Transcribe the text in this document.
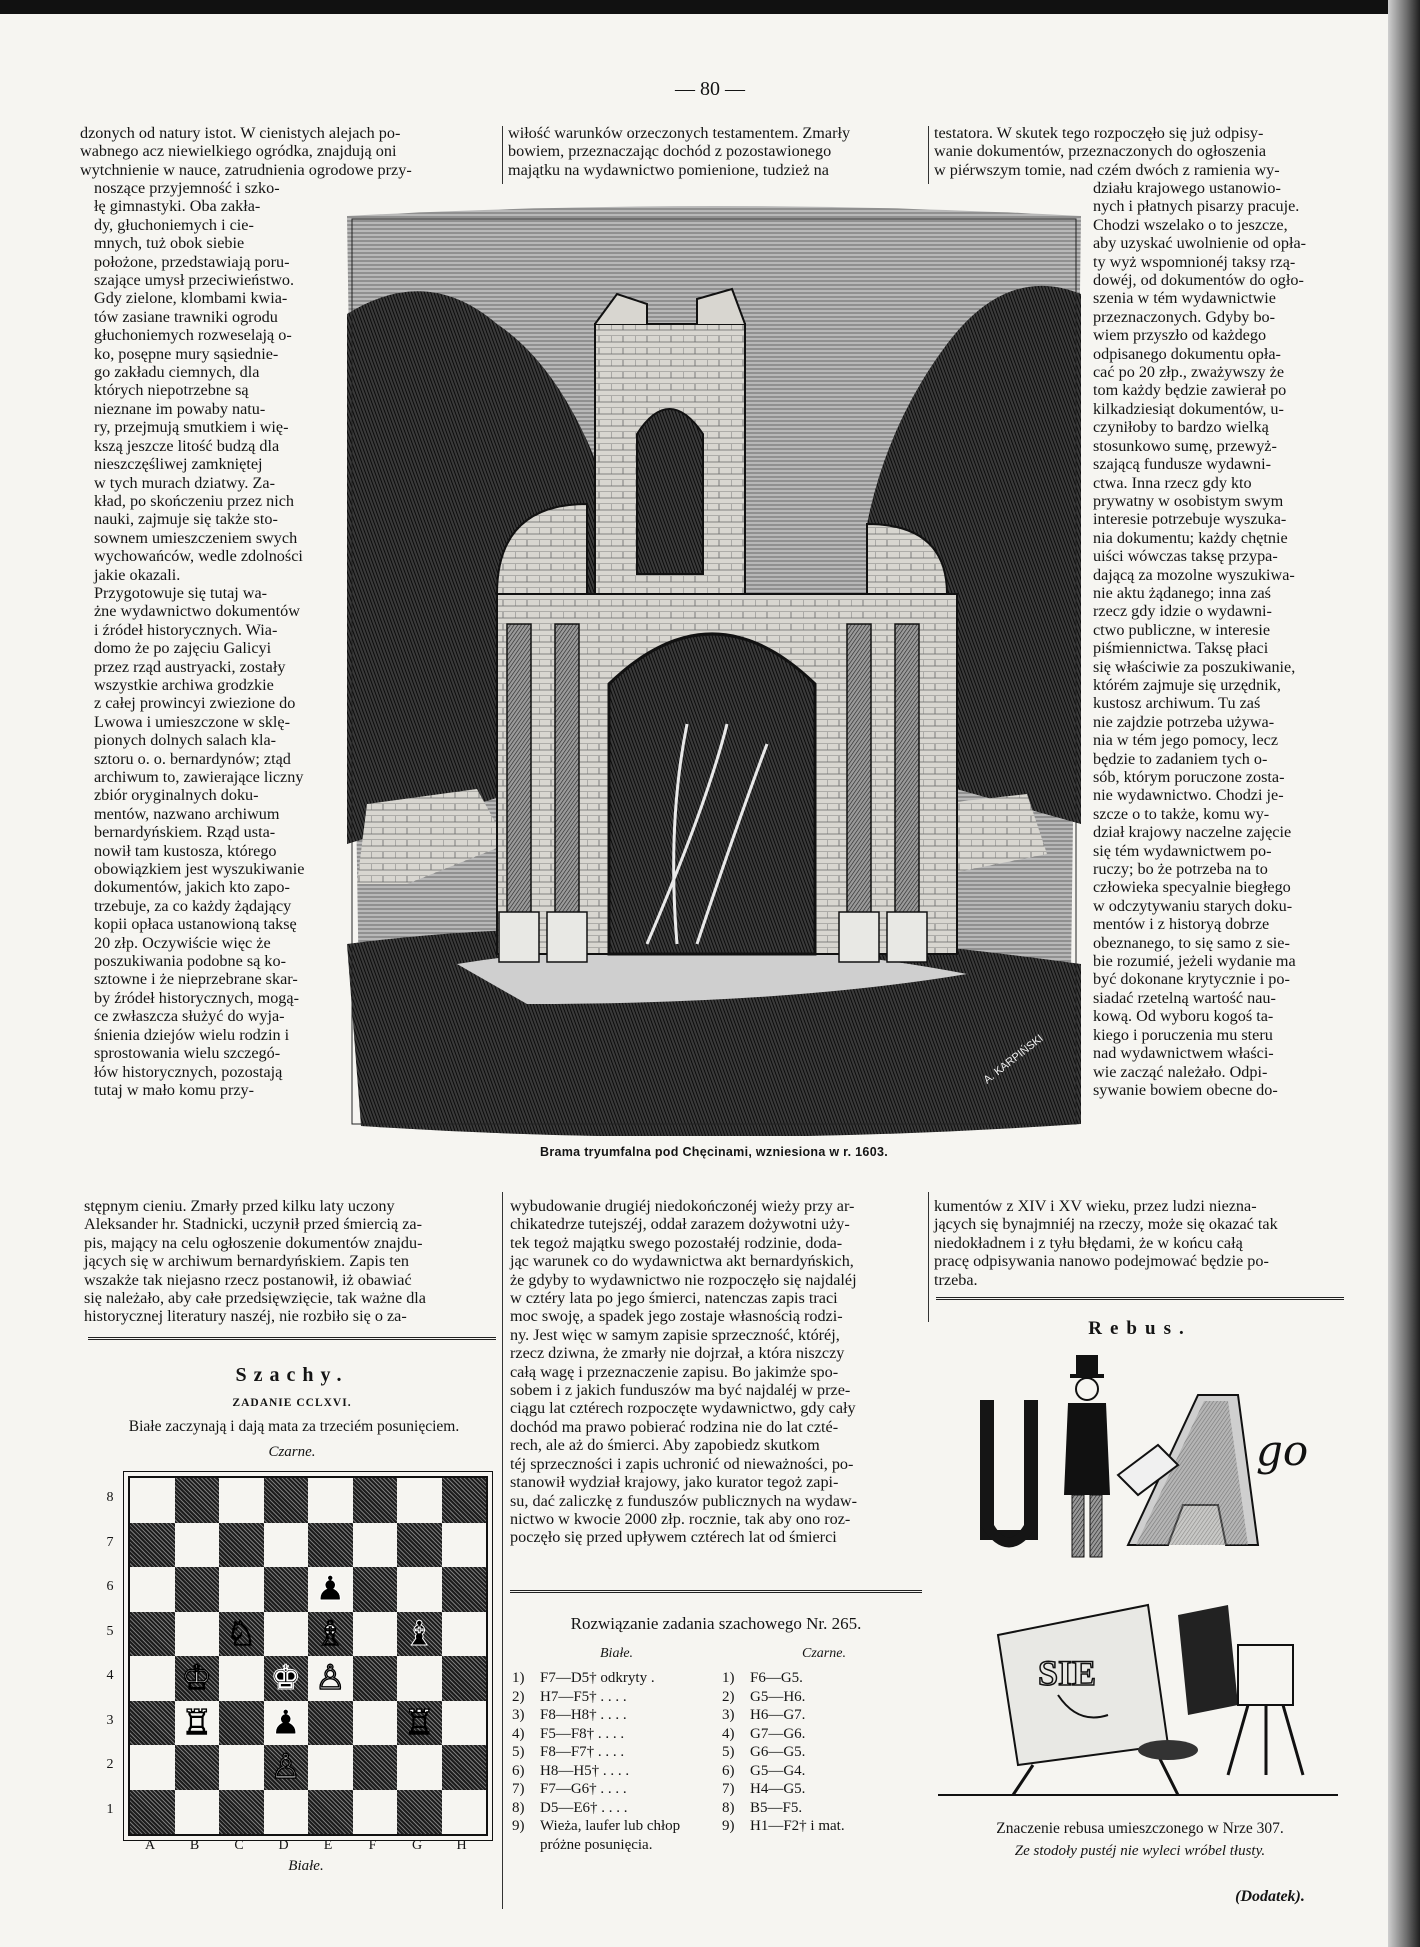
— 80 —

dzonych od natury istot. W cienistych alejach po-

wabnego acz niewielkiego ogródka, znajdują oni

wytchnienie w nauce, zatrudnienia ogrodowe przy-

noszące przyjemność i szko-

łę gimnastyki. Oba zakła-

dy, głuchoniemych i cie-

mnych, tuż obok siebie

położone, przedstawiają poru-

szające umysł przeciwieństwo.

Gdy zielone, klombami kwia-

tów zasiane trawniki ogrodu

głuchoniemych rozweselają o-

ko, posępne mury sąsiednie-

go zakładu ciemnych, dla

których niepotrzebne są

nieznane im powaby natu-

ry, przejmują smutkiem i wię-

kszą jeszcze litość budzą dla

nieszczęśliwej zamkniętej

w tych murach dziatwy. Za-

kład, po skończeniu przez nich

nauki, zajmuje się także sto-

sownem umieszczeniem swych

wychowańców, wedle zdolności

jakie okazali.

Przygotowuje się tutaj wa-

żne wydawnictwo dokumentów

i źródeł historycznych. Wia-

domo że po zajęciu Galicyi

przez rząd austryacki, zostały

wszystkie archiwa grodzkie

z całej prowincyi zwiezione do

Lwowa i umieszczone w sklę-

pionych dolnych salach kla-

sztoru o. o. bernardynów; ztąd

archiwum to, zawierające liczny

zbiór oryginalnych doku-

mentów, nazwano archiwum

bernardyńskiem. Rząd usta-

nowił tam kustosza, którego

obowiązkiem jest wyszukiwanie

dokumentów, jakich kto zapo-

trzebuje, za co każdy żądający

kopii opłaca ustanowioną taksę

20 złp. Oczywiście więc że

poszukiwania podobne są ko-

sztowne i że nieprzebrane skar-

by źródeł historycznych, mogą-

ce zwłaszcza służyć do wyja-

śnienia dziejów wielu rodzin i

sprostowania wielu szczegó-

łów historycznych, pozostają

tutaj w mało komu przy-

stępnym cieniu. Zmarły przed kilku laty uczony

Aleksander hr. Stadnicki, uczynił przed śmiercią za-

pis, mający na celu ogłoszenie dokumentów znajdu-

jących się w archiwum bernardyńskiem. Zapis ten

wszakże tak niejasno rzecz postanowił, iż obawiać

się należało, aby całe przedsięwzięcie, tak ważne dla

historycznej literatury naszéj, nie rozbiło się o za-

wiłość warunków orzeczonych testamentem. Zmarły

bowiem, przeznaczając dochód z pozostawionego

majątku na wydawnictwo pomienione, tudzież na

wybudowanie drugiéj niedokończonéj wieży przy ar-

chikatedrze tutejszéj, oddał zarazem dożywotni uży-

tek tegoż majątku swego pozostałéj rodzinie, doda-

jąc warunek co do wydawnictwa akt bernardyńskich,

że gdyby to wydawnictwo nie rozpoczęło się najdaléj

w cztéry lata po jego śmierci, natenczas zapis traci

moc swoję, a spadek jego zostaje własnością rodzi-

ny. Jest więc w samym zapisie sprzeczność, któréj,

rzecz dziwna, że zmarły nie dojrzał, a która niszczy

całą wagę i przeznaczenie zapisu. Bo jakimże spo-

sobem i z jakich funduszów ma być najdaléj w prze-

ciągu lat cztérech rozpoczęte wydawnictwo, gdy cały

dochód ma prawo pobierać rodzina nie do lat czté-

rech, ale aż do śmierci. Aby zapobiedz skutkom

téj sprzeczności i zapis uchronić od nieważności, po-

stanowił wydział krajowy, jako kurator tegoż zapi-

su, dać zaliczkę z funduszów publicznych na wydaw-

nictwo w kwocie 2000 złp. rocznie, tak aby ono roz-

poczęło się przed upływem cztérech lat od śmierci

testatora. W skutek tego rozpoczęło się już odpisy-

wanie dokumentów, przeznaczonych do ogłoszenia

w piérwszym tomie, nad czém dwóch z ramienia wy-

działu krajowego ustanowio-

nych i płatnych pisarzy pracuje.

Chodzi wszelako o to jeszcze,

aby uzyskać uwolnienie od opła-

ty wyż wspomnionéj taksy rzą-

dowéj, od dokumentów do ogło-

szenia w tém wydawnictwie

przeznaczonych. Gdyby bo-

wiem przyszło od każdego

odpisanego dokumentu opła-

cać po 20 złp., zważywszy że

tom każdy będzie zawierał po

kilkadziesiąt dokumentów, u-

czyniłoby to bardzo wielką

stosunkowo sumę, przewyż-

szającą fundusze wydawni-

ctwa. Inna rzecz gdy kto

prywatny w osobistym swym

interesie potrzebuje wyszuka-

nia dokumentu; każdy chętnie

uiści wówczas taksę przypa-

dającą za mozolne wyszukiwa-

nie aktu żądanego; inna zaś

rzecz gdy idzie o wydawni-

ctwo publiczne, w interesie

piśmiennictwa. Taksę płaci

się właściwie za poszukiwanie,

którém zajmuje się urzędnik,

kustosz archiwum. Tu zaś

nie zajdzie potrzeba używa-

nia w tém jego pomocy, lecz

będzie to zadaniem tych o-

sób, którym poruczone zosta-

nie wydawnictwo. Chodzi je-

szcze o to także, komu wy-

dział krajowy naczelne zajęcie

się tém wydawnictwem po-

ruczy; bo że potrzeba na to

człowieka specyalnie biegłego

w odczytywaniu starych doku-

mentów i z historyą dobrze

obeznanego, to się samo z sie-

bie rozumié, jeżeli wydanie ma

być dokonane krytycznie i po-

siadać rzetelną wartość nau-

kową. Od wyboru kogoś ta-

kiego i poruczenia mu steru

nad wydawnictwem właści-

wie zacząć należało. Odpi-

sywanie bowiem obecne do-

kumentów z XIV i XV wieku, przez ludzi niezna-

jących się bynajmniéj na rzeczy, może się okazać tak

niedokładnem i z tyłu błędami, że w końcu całą

pracę odpisywania nanowo podejmować będzie po-

trzeba.

A. KARPIŃSKI
Brama tryumfalna pod Chęcinami, wzniesiona w r. 1603.
Szachy.
ZADANIE CCLXVI.
Białe zaczynają i dają mata za trzeciém posunięciem.
Czarne.
♟
♘ ♗ ♝
♔ ♚ ♙
♖ ♟	♖
♙
8
7
6
5
4
3
2
1
A	B	C	D	E	F	G	H
Białe.
Rozwiązanie zadania szachowego Nr. 265.
Białe.	Czarne.
1) F7—D5† odkryty .	1) F6—G5.
2) H7—F5† . . . .	2) G5—H6.
3) F8—H8† . . . .	3) H6—G7.
4) F5—F8† . . . .	4) G7—G6.
5) F8—F7† . . . .	5) G6—G5.
6) H8—H5† . . . .	6) G5—G4.
7) F7—G6† . . . .	7) H4—G5.
8) D5—E6† . . . .	8) B5—F5.
9) Wieża, laufer lub chłop	9) H1—F2† i mat.
próżne posunięcia.
Rebus.
go
SIE
Znaczenie rebusa umieszczonego w Nrze 307.
Ze stodoły pustéj nie wyleci wróbel tłusty.
(Dodatek).
